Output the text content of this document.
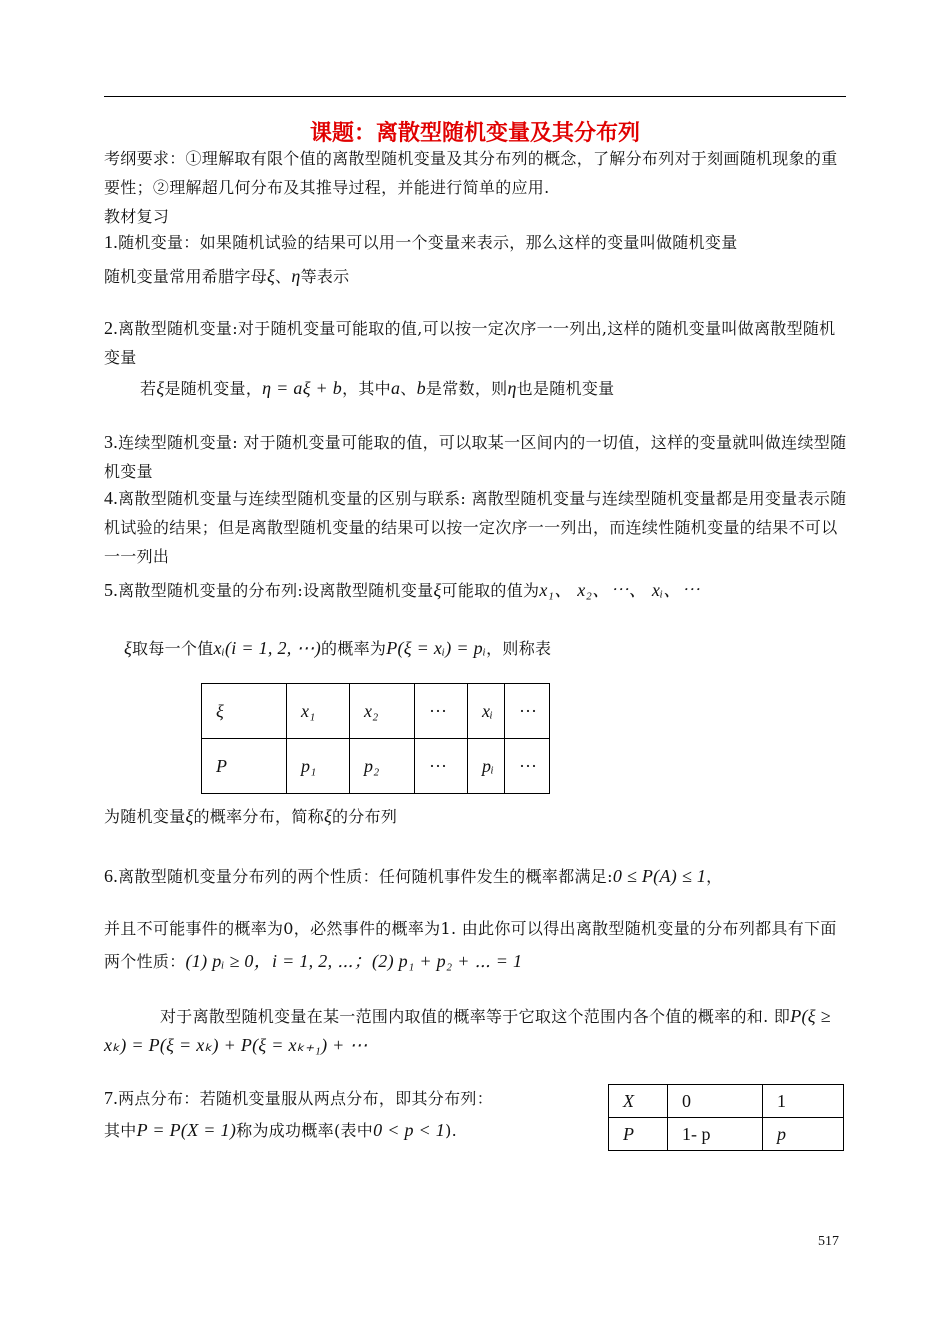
课题：离散型随机变量及其分布列
考纲要求：①理解取有限个值的离散型随机变量及其分布列的概念，了解分布列对于刻画随机现象的重要性；②理解超几何分布及其推导过程，并能进行简单的应用.
教材复习
1.随机变量：如果随机试验的结果可以用一个变量来表示，那么这样的变量叫做随机变量
随机变量常用希腊字母ξ、η等表示
2.离散型随机变量:对于随机变量可能取的值,可以按一定次序一一列出,这样的随机变量叫做离散型随机变量
若ξ是随机变量，η = aξ + b，其中a、b是常数，则η也是随机变量
3.连续型随机变量: 对于随机变量可能取的值，可以取某一区间内的一切值，这样的变量就叫做连续型随机变量
4.离散型随机变量与连续型随机变量的区别与联系: 离散型随机变量与连续型随机变量都是用变量表示随机试验的结果；但是离散型随机变量的结果可以按一定次序一一列出，而连续性随机变量的结果不可以一一列出
5.离散型随机变量的分布列:设离散型随机变量ξ可能取的值为x₁、 x₂、⋯、 xᵢ、⋯
ξ取每一个值xᵢ(i = 1, 2, ⋯)的概率为P(ξ = xᵢ) = pᵢ，则称表
ξ	x₁	x₂	···	xᵢ	···
P	p₁	p₂	···	pᵢ	···
为随机变量ξ的概率分布，简称ξ的分布列
6.离散型随机变量分布列的两个性质：任何随机事件发生的概率都满足:0 ≤ P(A) ≤ 1，
并且不可能事件的概率为0，必然事件的概率为1. 由此你可以得出离散型随机变量的分布列都具有下面两个性质：(1) pᵢ ≥ 0，i = 1, 2, ⋯；(2) p₁ + p₂ + ⋯ = 1
对于离散型随机变量在某一范围内取值的概率等于它取这个范围内各个值的概率的和. 即P(ξ ≥ xₖ) = P(ξ = xₖ) + P(ξ = xₖ₊₁) + ⋯
7.两点分布：若随机变量服从两点分布，即其分布列：
其中P = P(X = 1)称为成功概率(表中0 < p < 1).
X	0	1
P	1- p	p
517
